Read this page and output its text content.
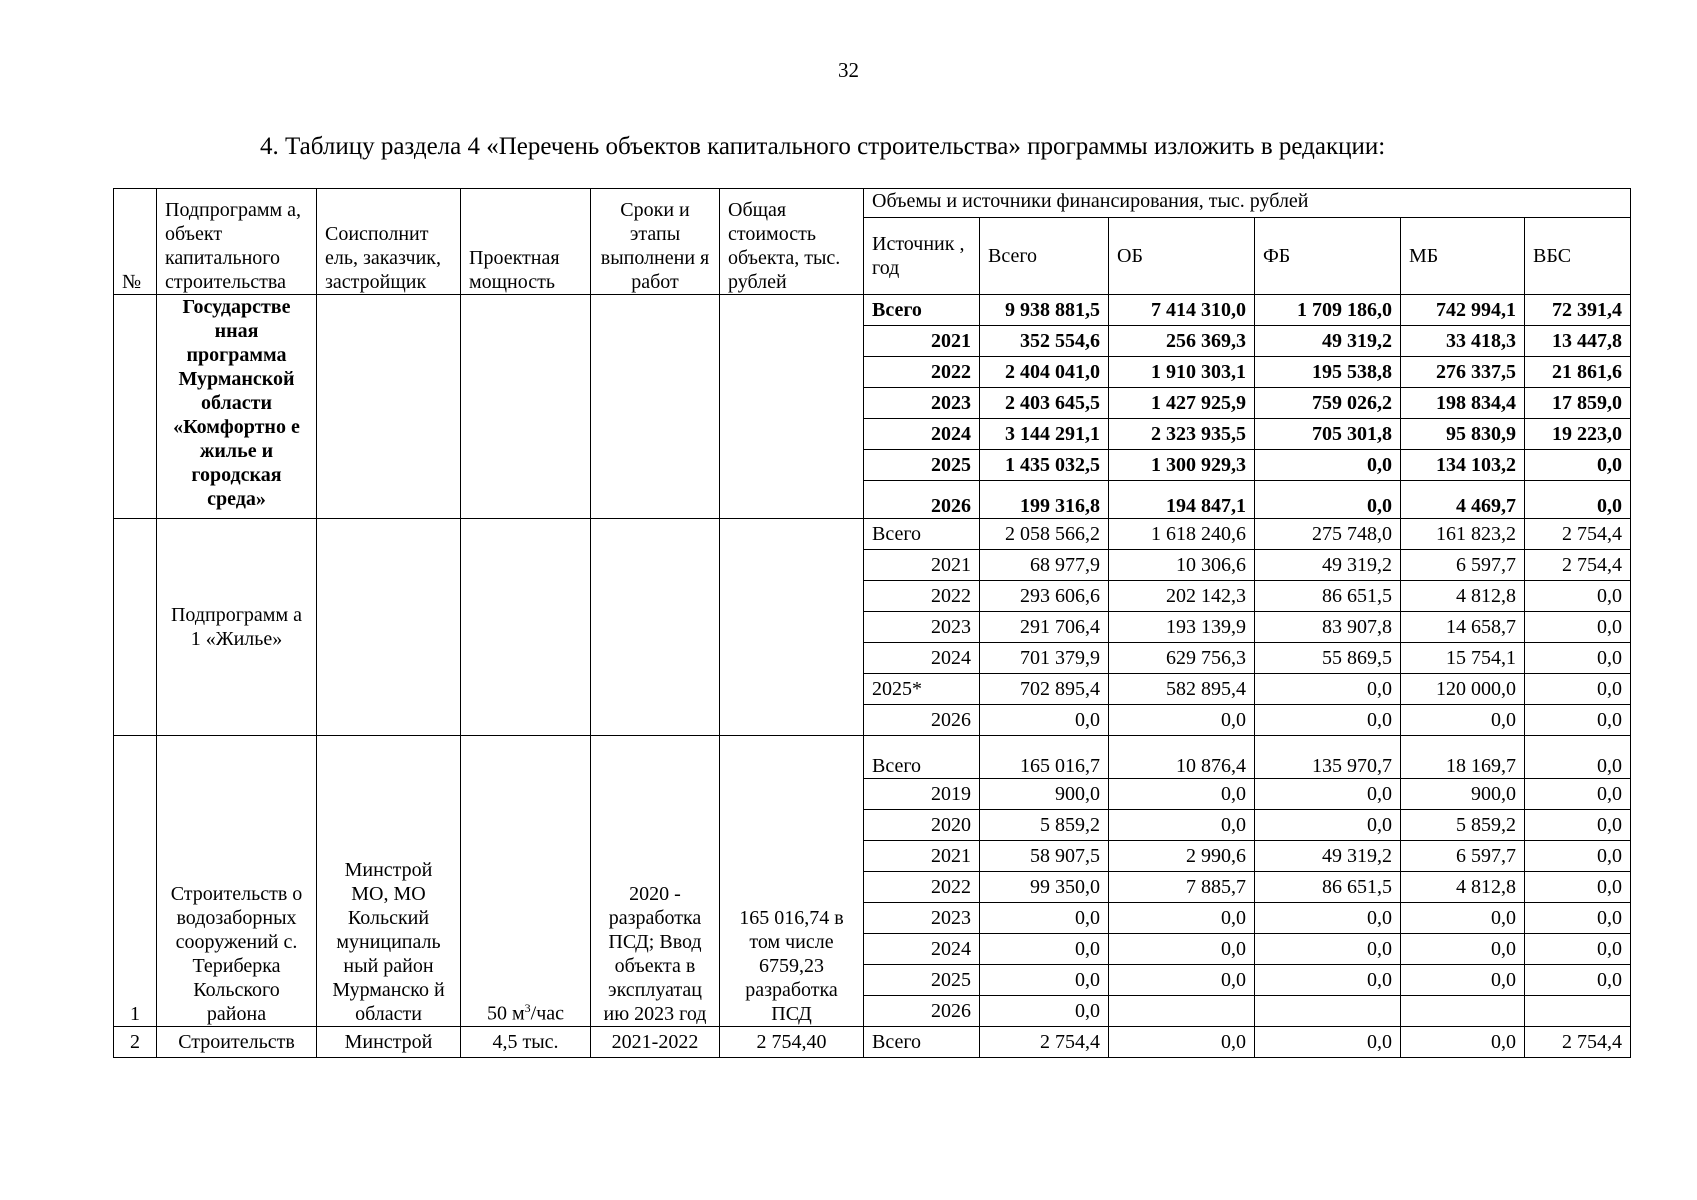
32
4. Таблицу раздела 4 «Перечень объектов капитального строительства» программы изложить в редакции:
№	Подпрограмм а, объект капитального строительства	Соисполнит ель, заказчик, застройщик	Проектная мощность	Сроки и этапы выполнени я работ	Общая стоимость объекта, тыс. рублей	Объемы и источники финансирования, тыс. рублей					
						Источник , год	Всего	ОБ	ФБ	МБ	ВБС
	Государстве нная программа Мурманской области «Комфортно е жилье и городская среда»					Всего	9 938 881,5	7 414 310,0	1 709 186,0	742 994,1	72 391,4
						2021	352 554,6	256 369,3	49 319,2	33 418,3	13 447,8
						2022	2 404 041,0	1 910 303,1	195 538,8	276 337,5	21 861,6
						2023	2 403 645,5	1 427 925,9	759 026,2	198 834,4	17 859,0
						2024	3 144 291,1	2 323 935,5	705 301,8	95 830,9	19 223,0
						2025	1 435 032,5	1 300 929,3	0,0	134 103,2	0,0
						2026	199 316,8	194 847,1	0,0	4 469,7	0,0
	Подпрограмм а 1 «Жилье»					Всего	2 058 566,2	1 618 240,6	275 748,0	161 823,2	2 754,4
						2021	68 977,9	10 306,6	49 319,2	6 597,7	2 754,4
						2022	293 606,6	202 142,3	86 651,5	4 812,8	0,0
						2023	291 706,4	193 139,9	83 907,8	14 658,7	0,0
						2024	701 379,9	629 756,3	55 869,5	15 754,1	0,0
						2025*	702 895,4	582 895,4	0,0	120 000,0	0,0
						2026	0,0	0,0	0,0	0,0	0,0
1	Строительств о водозаборных сооружений с. Териберка Кольского района	Минстрой МО, МО Кольский муниципаль ный район Мурманско й области	50 $м^3$/час	2020 - разработка ПСД; Ввод объекта в эксплуатац ию 2023 год	165 016,74 в том числе 6759,23 разработка ПСД	Всего	165 016,7	10 876,4	135 970,7	18 169,7	0,0
						2019	900,0	0,0	0,0	900,0	0,0
						2020	5 859,2	0,0	0,0	5 859,2	0,0
						2021	58 907,5	2 990,6	49 319,2	6 597,7	0,0
						2022	99 350,0	7 885,7	86 651,5	4 812,8	0,0
						2023	0,0	0,0	0,0	0,0	0,0
						2024	0,0	0,0	0,0	0,0	0,0
						2025	0,0	0,0	0,0	0,0	0,0
						2026	0,0				
2	Строительств	Минстрой	4,5 тыс.	2021-2022	2 754,40	Всего	2 754,4	0,0	0,0	0,0	2 754,4
